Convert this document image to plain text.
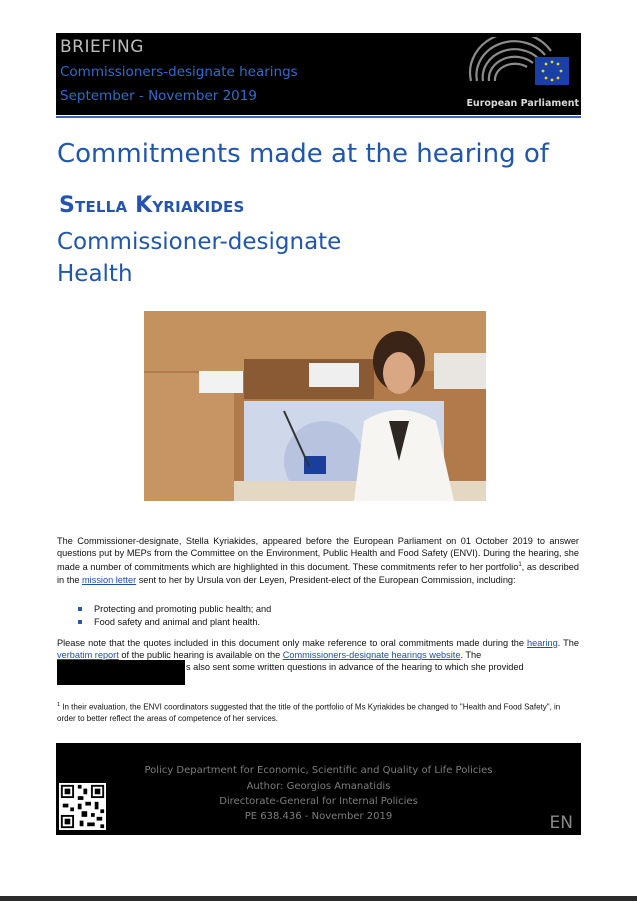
BRIEFING
Commissioners-designate hearings
September - November 2019	European Parliament
Commitments made at the hearing of
Stella Kyriakides
Commissioner-designate
Health
The Commissioner-designate, Stella Kyriakides, appeared before the European Parliament on 01 October 2019 to answer questions put by MEPs from the Committee on the Environment, Public Health and Food Safety (ENVI). During the hearing, she made a number of commitments which are highlighted in this document. These commitments refer to her portfolio$^1$, as described in the mission letter sent to her by Ursula von der Leyen, President-elect of the European Commission, including:
Protecting and promoting public health; and
Food safety and animal and plant health.
Please note that the quotes included in this document only make reference to oral commitments made during the hearing. The verbatim report of the public hearing is available on the Commissioners-designate hearings website. The
s also sent some written questions in advance of the hearing to which she provided

$^1$ In their evaluation, the ENVI coordinators suggested that the title of the portfolio of Ms Kyriakides be changed to "Health and Food Safety", in order to better reflect the areas of competence of her services.
Policy Department for Economic, Scientific and Quality of Life Policies
Author: Georgios Amanatidis
Directorate-General for Internal Policies
PE 638.436 - November 2019	EN
